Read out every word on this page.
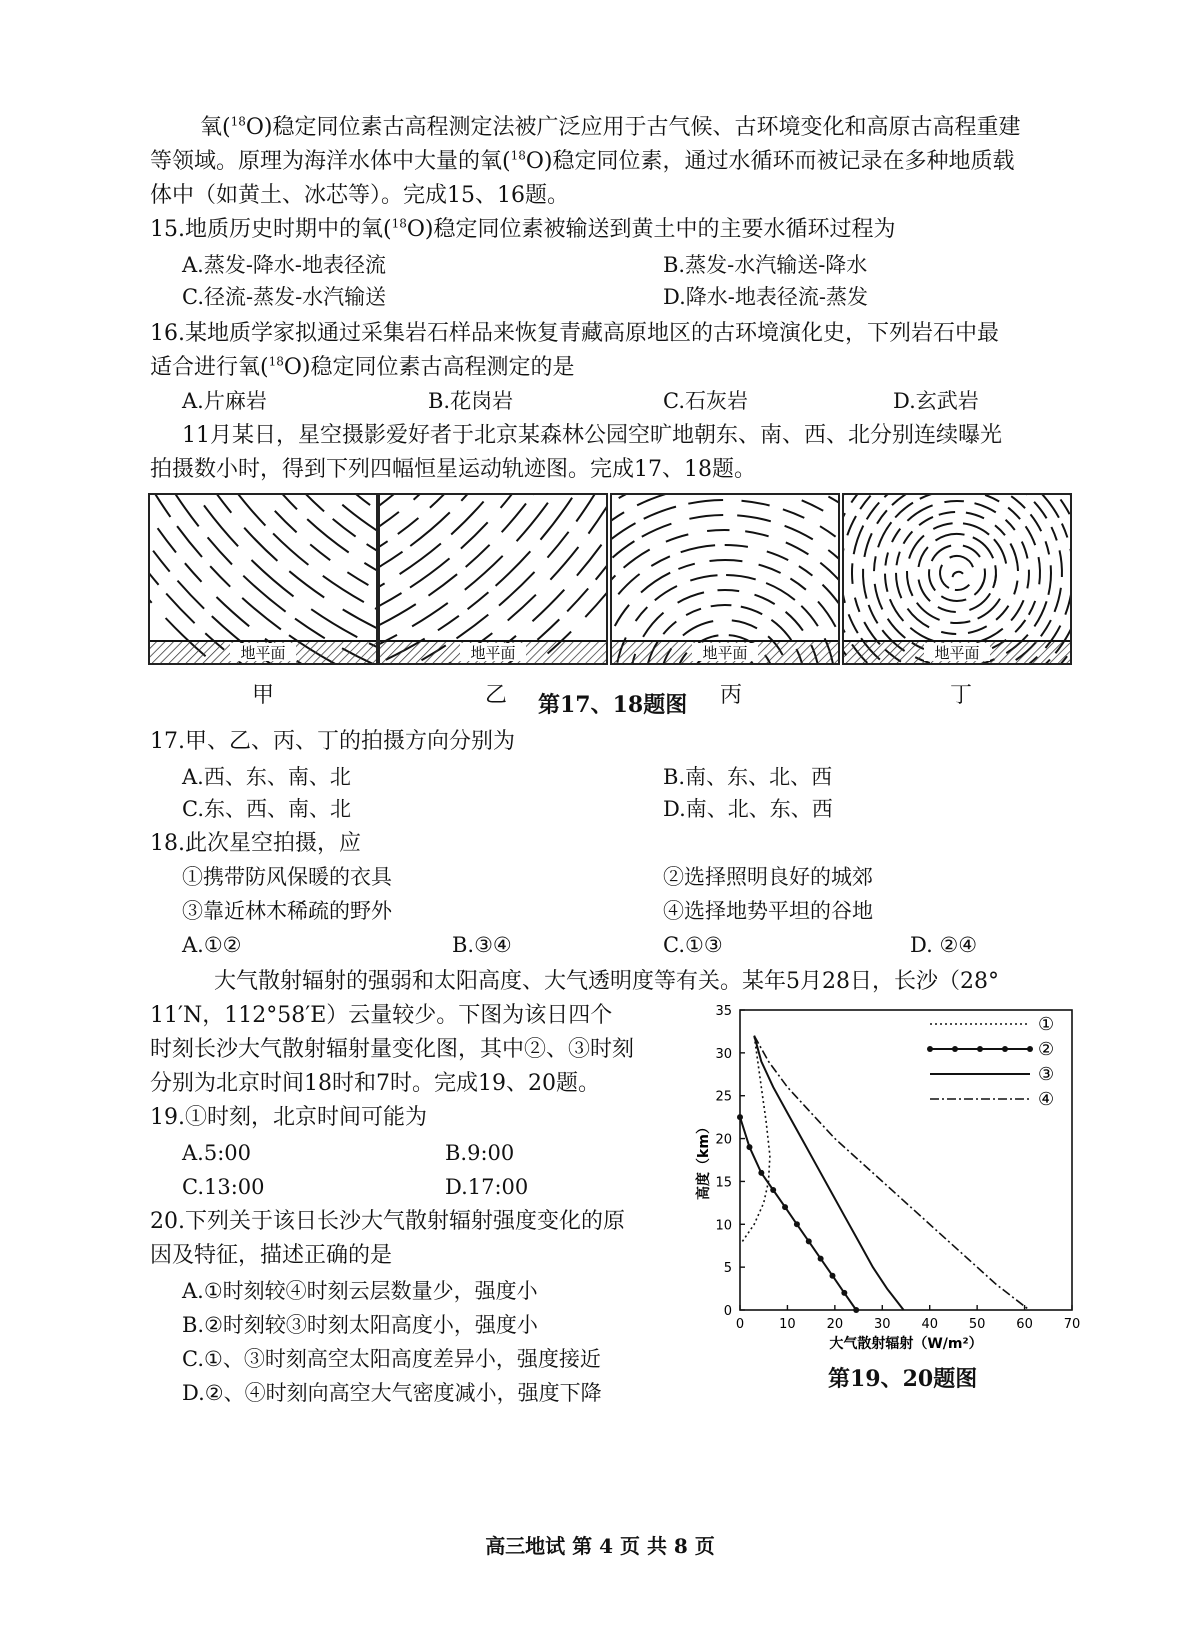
氧($^{18}$O)稳定同位素古高程测定法被广泛应用于古气候、古环境变化和高原古高程重建
等领域。原理为海洋水体中大量的氧($^{18}$O)稳定同位素，通过水循环而被记录在多种地质载
体中（如黄土、冰芯等）。完成15、16题。
15.地质历史时期中的氧($^{18}$O)稳定同位素被输送到黄土中的主要水循环过程为
A.蒸发-降水-地表径流	B.蒸发-水汽输送-降水
C.径流-蒸发-水汽输送	D.降水-地表径流-蒸发
16.某地质学家拟通过采集岩石样品来恢复青藏高原地区的古环境演化史，下列岩石中最
适合进行氧($^{18}$O)稳定同位素古高程测定的是
A.片麻岩	B.花岗岩	C.石灰岩	D.玄武岩
11月某日，星空摄影爱好者于北京某森林公园空旷地朝东、南、西、北分别连续曝光
拍摄数小时，得到下列四幅恒星运动轨迹图。完成17、18题。
地平面	地平面	地平面	地平面
甲	乙	丙	丁
第17、18题图
17.甲、乙、丙、丁的拍摄方向分别为
A.西、东、南、北	B.南、东、北、西
C.东、西、南、北	D.南、北、东、西
18.此次星空拍摄，应
①携带防风保暖的衣具	②选择照明良好的城郊
③靠近林木稀疏的野外	④选择地势平坦的谷地
A.①②	B.③④	C.①③	D. ②④
大气散射辐射的强弱和太阳高度、大气透明度等有关。某年5月28日，长沙（28°
11′N，112°58′E）云量较少。下图为该日四个
时刻长沙大气散射辐射量变化图，其中②、③时刻
分别为北京时间18时和7时。完成19、20题。
19.①时刻，北京时间可能为
A.5:00	B.9:00
C.13:00	D.17:00
20.下列关于该日长沙大气散射辐射强度变化的原
因及特征，描述正确的是
A.①时刻较④时刻云层数量少，强度小
B.②时刻较③时刻太阳高度小，强度小
C.①、③时刻高空太阳高度差异小，强度接近
D.②、④时刻向高空大气密度减小，强度下降
0	10 20 30 40 50 60 70
0
5
10
15
20
25
30
35
①
②
③
④
大气散射辐射（W/m²）
高度（km）
第19、20题图
高三地试 第 4 页 共 8 页
